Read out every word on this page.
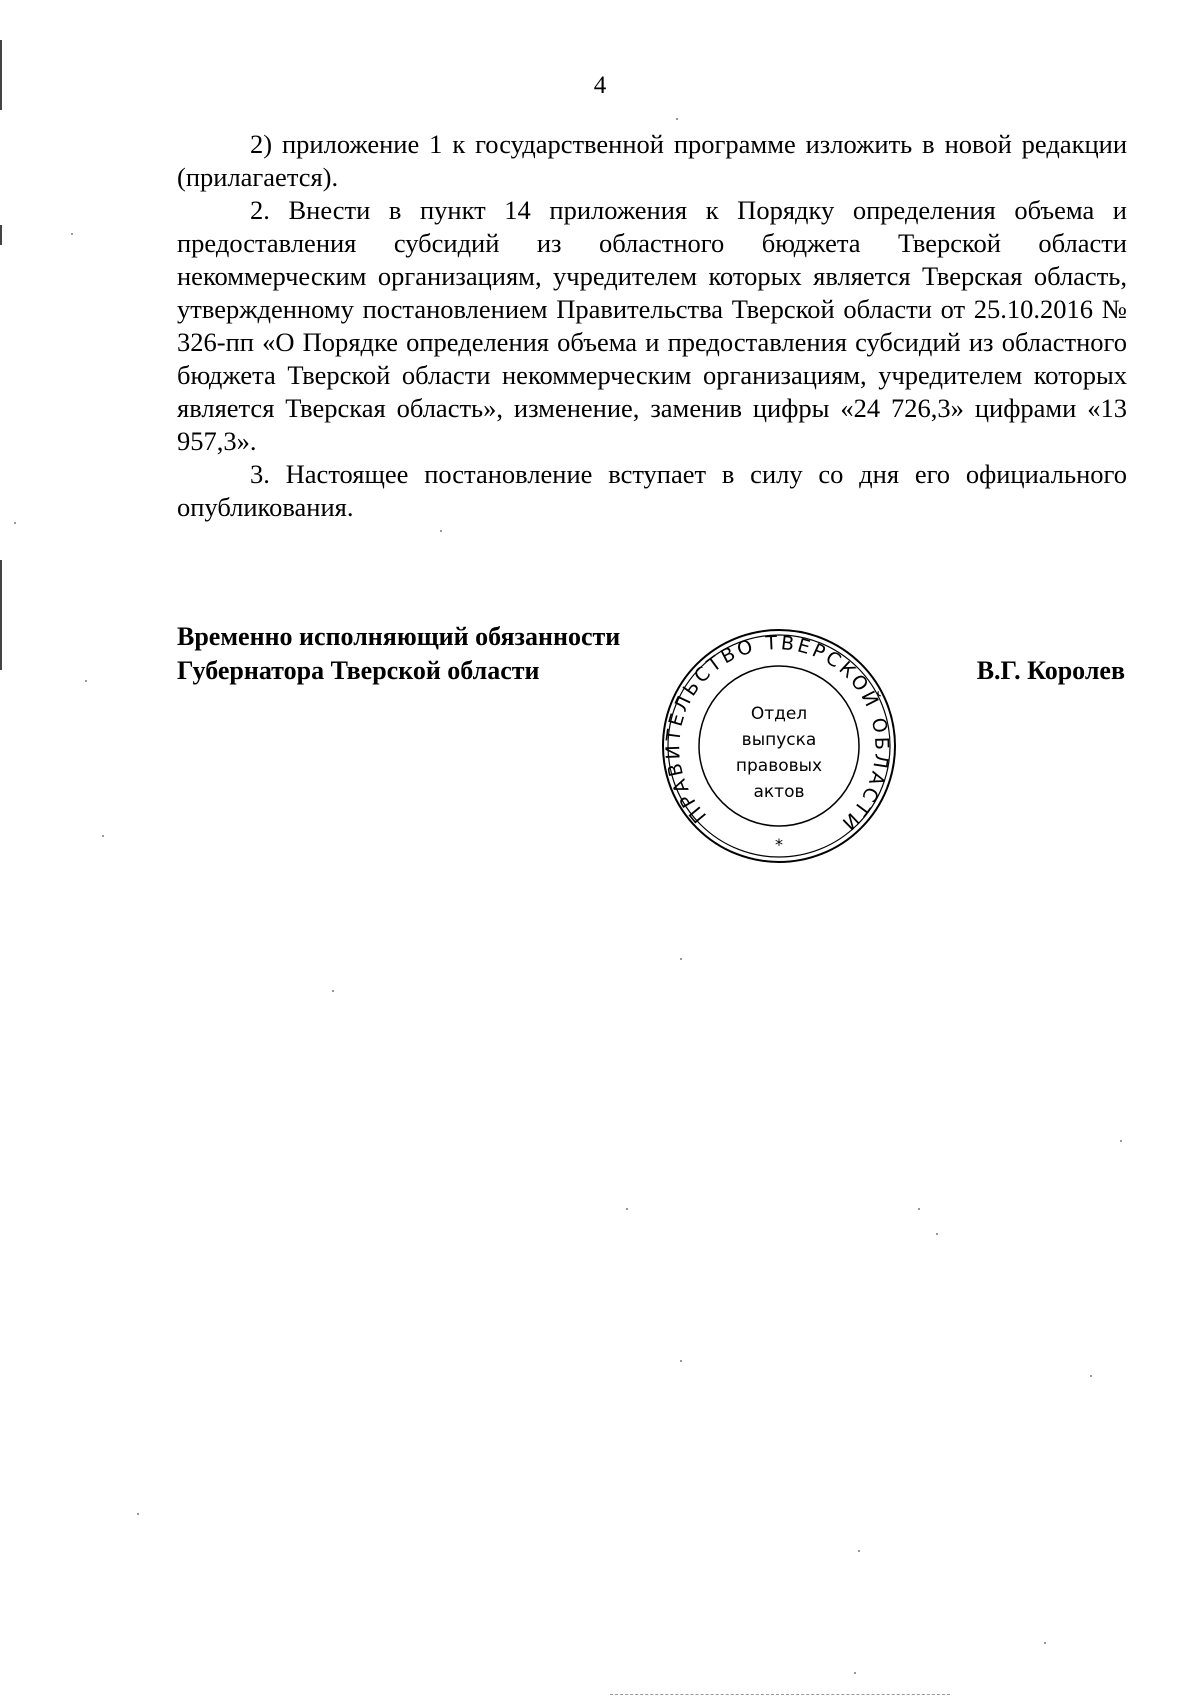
4

2) приложение 1 к государственной программе изложить в новой редакции (прилагается).

2. Внести в пункт 14 приложения к Порядку определения объема и предоставления субсидий из областного бюджета Тверской области некоммерческим организациям, учредителем которых является Тверская область, утвержденному постановлением Правительства Тверской области от 25.10.2016 № 326-пп «О Порядке определения объема и предоставления субсидий из областного бюджета Тверской области некоммерческим организациям, учредителем которых является Тверская область», изменение, заменив цифры «24 726,3» цифрами «13 957,3».

3. Настоящее постановление вступает в силу со дня его официального опубликования.

Временно исполняющий обязанности
Губернатора Тверской области	В.Г. Королев
ПРАВИТЕЛЬСТВО ТВЕРСКОЙ ОБЛАСТИ
Отдел
выпуска
правовых
актов
*
